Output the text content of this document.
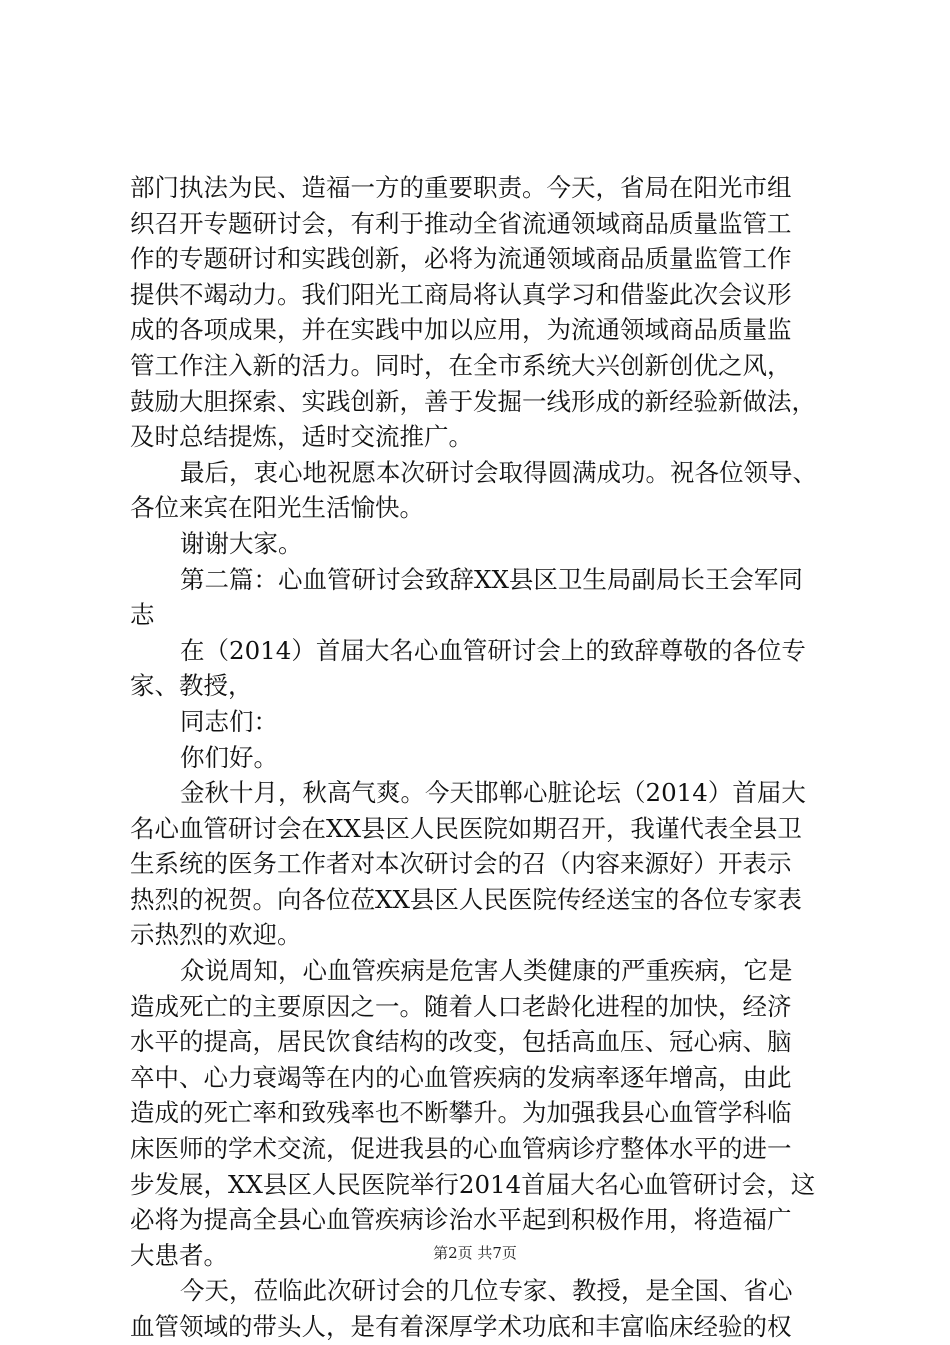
部门执法为民、造福一方的重要职责。今天，省局在阳光市组
织召开专题研讨会，有利于推动全省流通领域商品质量监管工
作的专题研讨和实践创新，必将为流通领域商品质量监管工作
提供不竭动力。我们阳光工商局将认真学习和借鉴此次会议形
成的各项成果，并在实践中加以应用，为流通领域商品质量监
管工作注入新的活力。同时，在全市系统大兴创新创优之风，
鼓励大胆探索、实践创新，善于发掘一线形成的新经验新做法，
及时总结提炼，适时交流推广。
最后，衷心地祝愿本次研讨会取得圆满成功。祝各位领导、
各位来宾在阳光生活愉快。
谢谢大家。
第二篇：心血管研讨会致辞XX县区卫生局副局长王会军同
志
在（2014）首届大名心血管研讨会上的致辞尊敬的各位专
家、教授，
同志们：
你们好。
金秋十月，秋高气爽。今天邯郸心脏论坛（2014）首届大
名心血管研讨会在XX县区人民医院如期召开，我谨代表全县卫
生系统的医务工作者对本次研讨会的召（内容来源好）开表示
热烈的祝贺。向各位莅XX县区人民医院传经送宝的各位专家表
示热烈的欢迎。
众说周知，心血管疾病是危害人类健康的严重疾病，它是
造成死亡的主要原因之一。随着人口老龄化进程的加快，经济
水平的提高，居民饮食结构的改变，包括高血压、冠心病、脑
卒中、心力衰竭等在内的心血管疾病的发病率逐年增高，由此
造成的死亡率和致残率也不断攀升。为加强我县心血管学科临
床医师的学术交流，促进我县的心血管病诊疗整体水平的进一
步发展，XX县区人民医院举行2014首届大名心血管研讨会，这
必将为提高全县心血管疾病诊治水平起到积极作用，将造福广
大患者。
今天，莅临此次研讨会的几位专家、教授，是全国、省心
血管领域的带头人，是有着深厚学术功底和丰富临床经验的权
第2页 共7页
